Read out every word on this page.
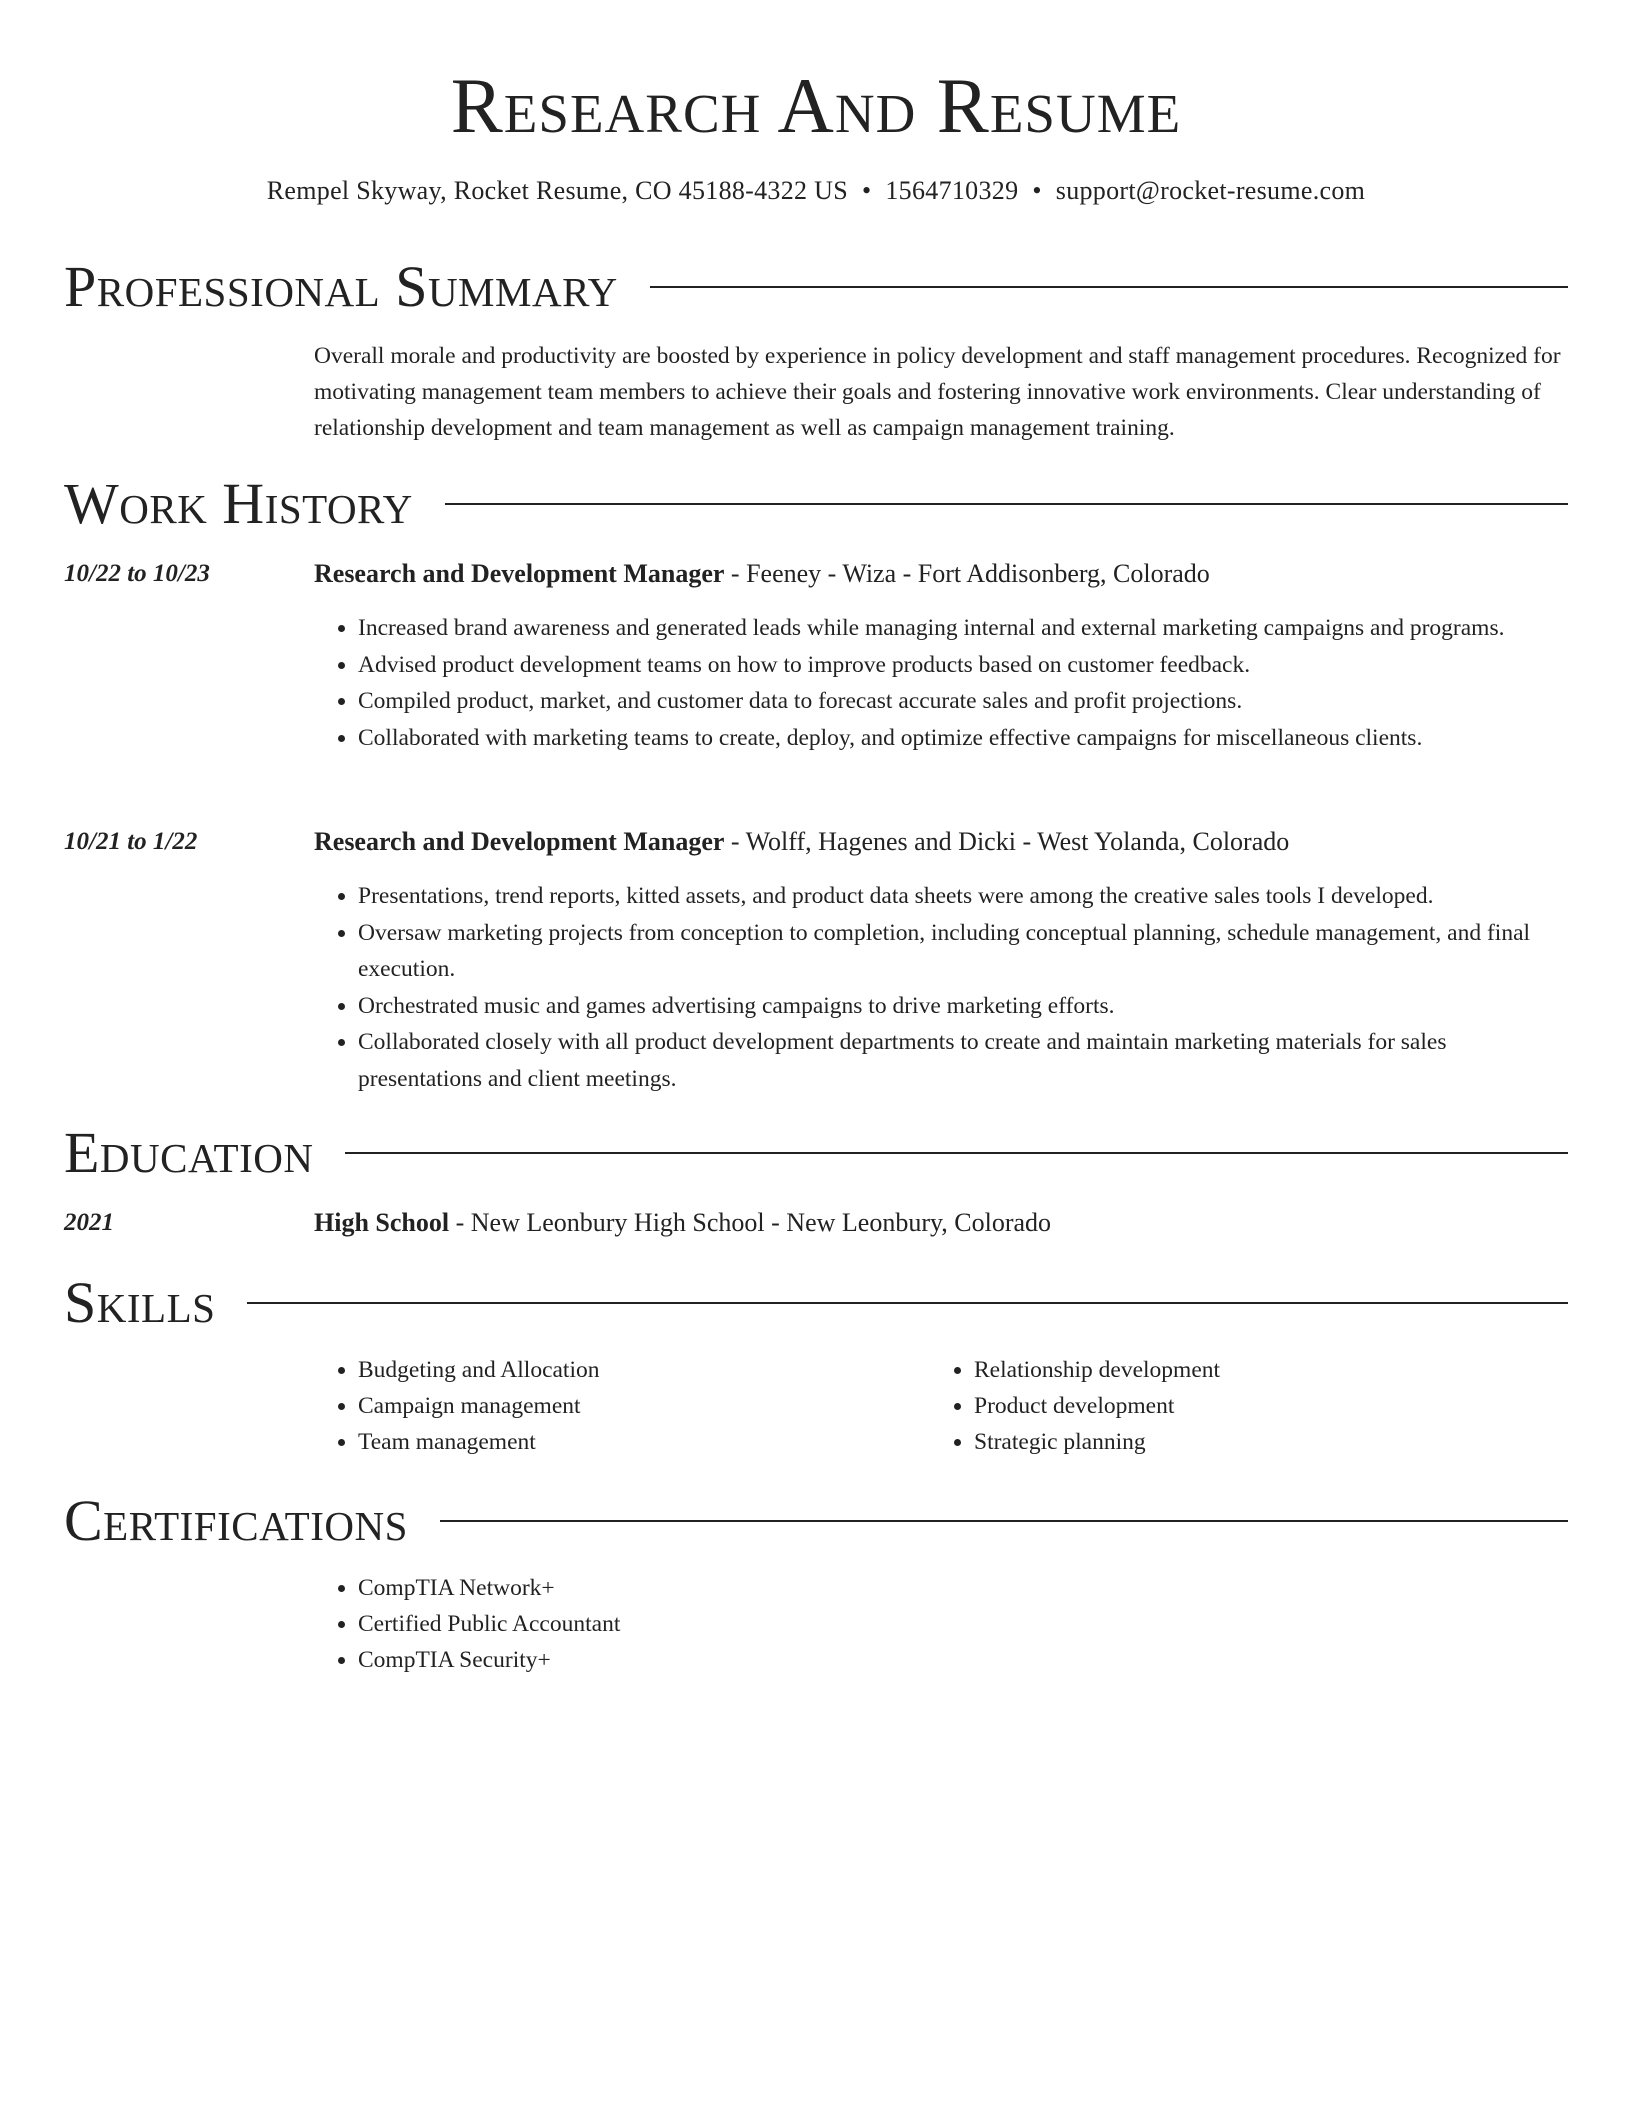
Research And Resume
Rempel Skyway, Rocket Resume, CO 45188-4322 US • 1564710329 • support@rocket-resume.com
Professional Summary

Overall morale and productivity are boosted by experience in policy development and staff management procedures. Recognized for motivating management team members to achieve their goals and fostering innovative work environments. Clear understanding of relationship development and team management as well as campaign management training.

Work History
10/22 to 10/23	Research and Development Manager - Feeney - Wiza - Fort Addisonberg, Colorado
• Increased brand awareness and generated leads while managing internal and external marketing campaigns and programs.
• Advised product development teams on how to improve products based on customer feedback.
• Compiled product, market, and customer data to forecast accurate sales and profit projections.
• Collaborated with marketing teams to create, deploy, and optimize effective campaigns for miscellaneous clients.
10/21 to 1/22	Research and Development Manager - Wolff, Hagenes and Dicki - West Yolanda, Colorado
• Presentations, trend reports, kitted assets, and product data sheets were among the creative sales tools I developed.
• Oversaw marketing projects from conception to completion, including conceptual planning, schedule management, and final execution.
• Orchestrated music and games advertising campaigns to drive marketing efforts.
• Collaborated closely with all product development departments to create and maintain marketing materials for sales presentations and client meetings.
Education
2021	High School - New Leonbury High School - New Leonbury, Colorado
Skills
• Budgeting and Allocation
• Campaign management
• Team management
• Relationship development
• Product development
• Strategic planning
Certifications
• CompTIA Network+
• Certified Public Accountant
• CompTIA Security+
